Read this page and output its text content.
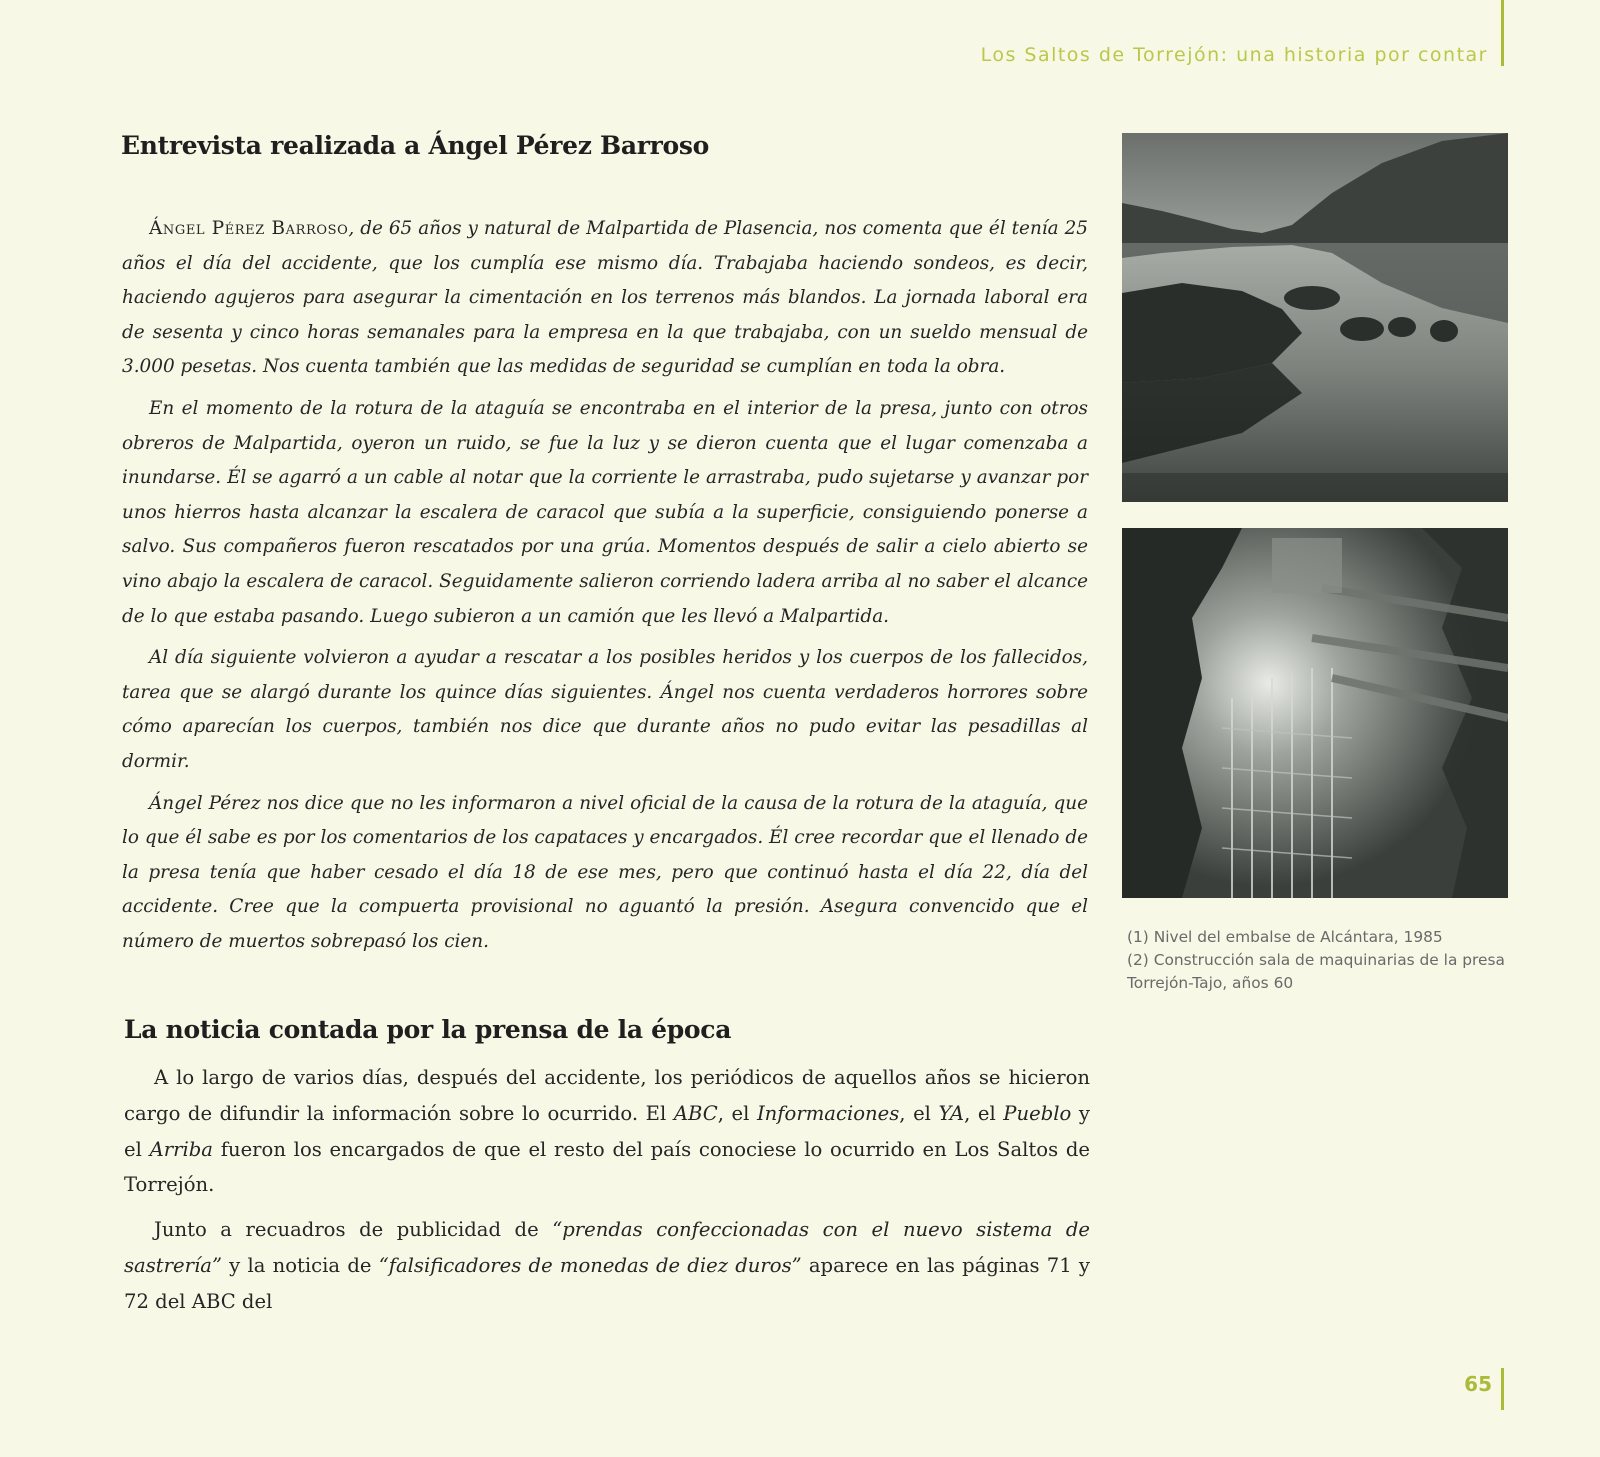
Los Saltos de Torrejón: una historia por contar
Entrevista realizada a Ángel Pérez Barroso

Ángel Pérez Barroso, de 65 años y natural de Malpartida de Plasencia, nos comenta que él tenía 25 años el día del accidente, que los cumplía ese mismo día. Trabajaba haciendo sondeos, es decir, haciendo agujeros para asegurar la cimentación en los terrenos más blandos. La jornada laboral era de sesenta y cinco horas semanales para la empresa en la que trabajaba, con un sueldo mensual de 3.000 pesetas. Nos cuenta también que las medidas de seguridad se cumplían en toda la obra.

En el momento de la rotura de la ataguía se encontraba en el interior de la presa, junto con otros obreros de Malpartida, oyeron un ruido, se fue la luz y se dieron cuenta que el lugar comenzaba a inundarse. Él se agarró a un cable al notar que la corriente le arrastraba, pudo sujetarse y avanzar por unos hierros hasta alcanzar la escalera de caracol que subía a la superficie, consiguiendo ponerse a salvo. Sus compañeros fueron rescatados por una grúa. Momentos después de salir a cielo abierto se vino abajo la escalera de caracol. Seguidamente salieron corriendo ladera arriba al no saber el alcance de lo que estaba pasando. Luego subieron a un camión que les llevó a Malpartida.

Al día siguiente volvieron a ayudar a rescatar a los posibles heridos y los cuerpos de los fallecidos, tarea que se alargó durante los quince días siguientes. Ángel nos cuenta verdaderos horrores sobre cómo aparecían los cuerpos, también nos dice que durante años no pudo evitar las pesadillas al dormir.

Ángel Pérez nos dice que no les informaron a nivel oficial de la causa de la rotura de la ataguía, que lo que él sabe es por los comentarios de los capataces y encargados. Él cree recordar que el llenado de la presa tenía que haber cesado el día 18 de ese mes, pero que continuó hasta el día 22, día del accidente. Cree que la compuerta provisional no aguantó la presión. Asegura convencido que el número de muertos sobrepasó los cien.

La noticia contada por la prensa de la época

A lo largo de varios días, después del accidente, los periódicos de aquellos años se hicieron cargo de difundir la información sobre lo ocurrido. El ABC, el Informaciones, el YA, el Pueblo y el Arriba fueron los encargados de que el resto del país conociese lo ocurrido en Los Saltos de Torrejón.

Junto a recuadros de publicidad de “prendas confeccionadas con el nuevo sistema de sastrería” y la noticia de “falsificadores de monedas de diez duros” aparece en las páginas 71 y 72 del ABC del

(1) Nivel del embalse de Alcántara, 1985
(2) Construcción sala de maquinarias de la presa Torrejón-Tajo, años 60
65
